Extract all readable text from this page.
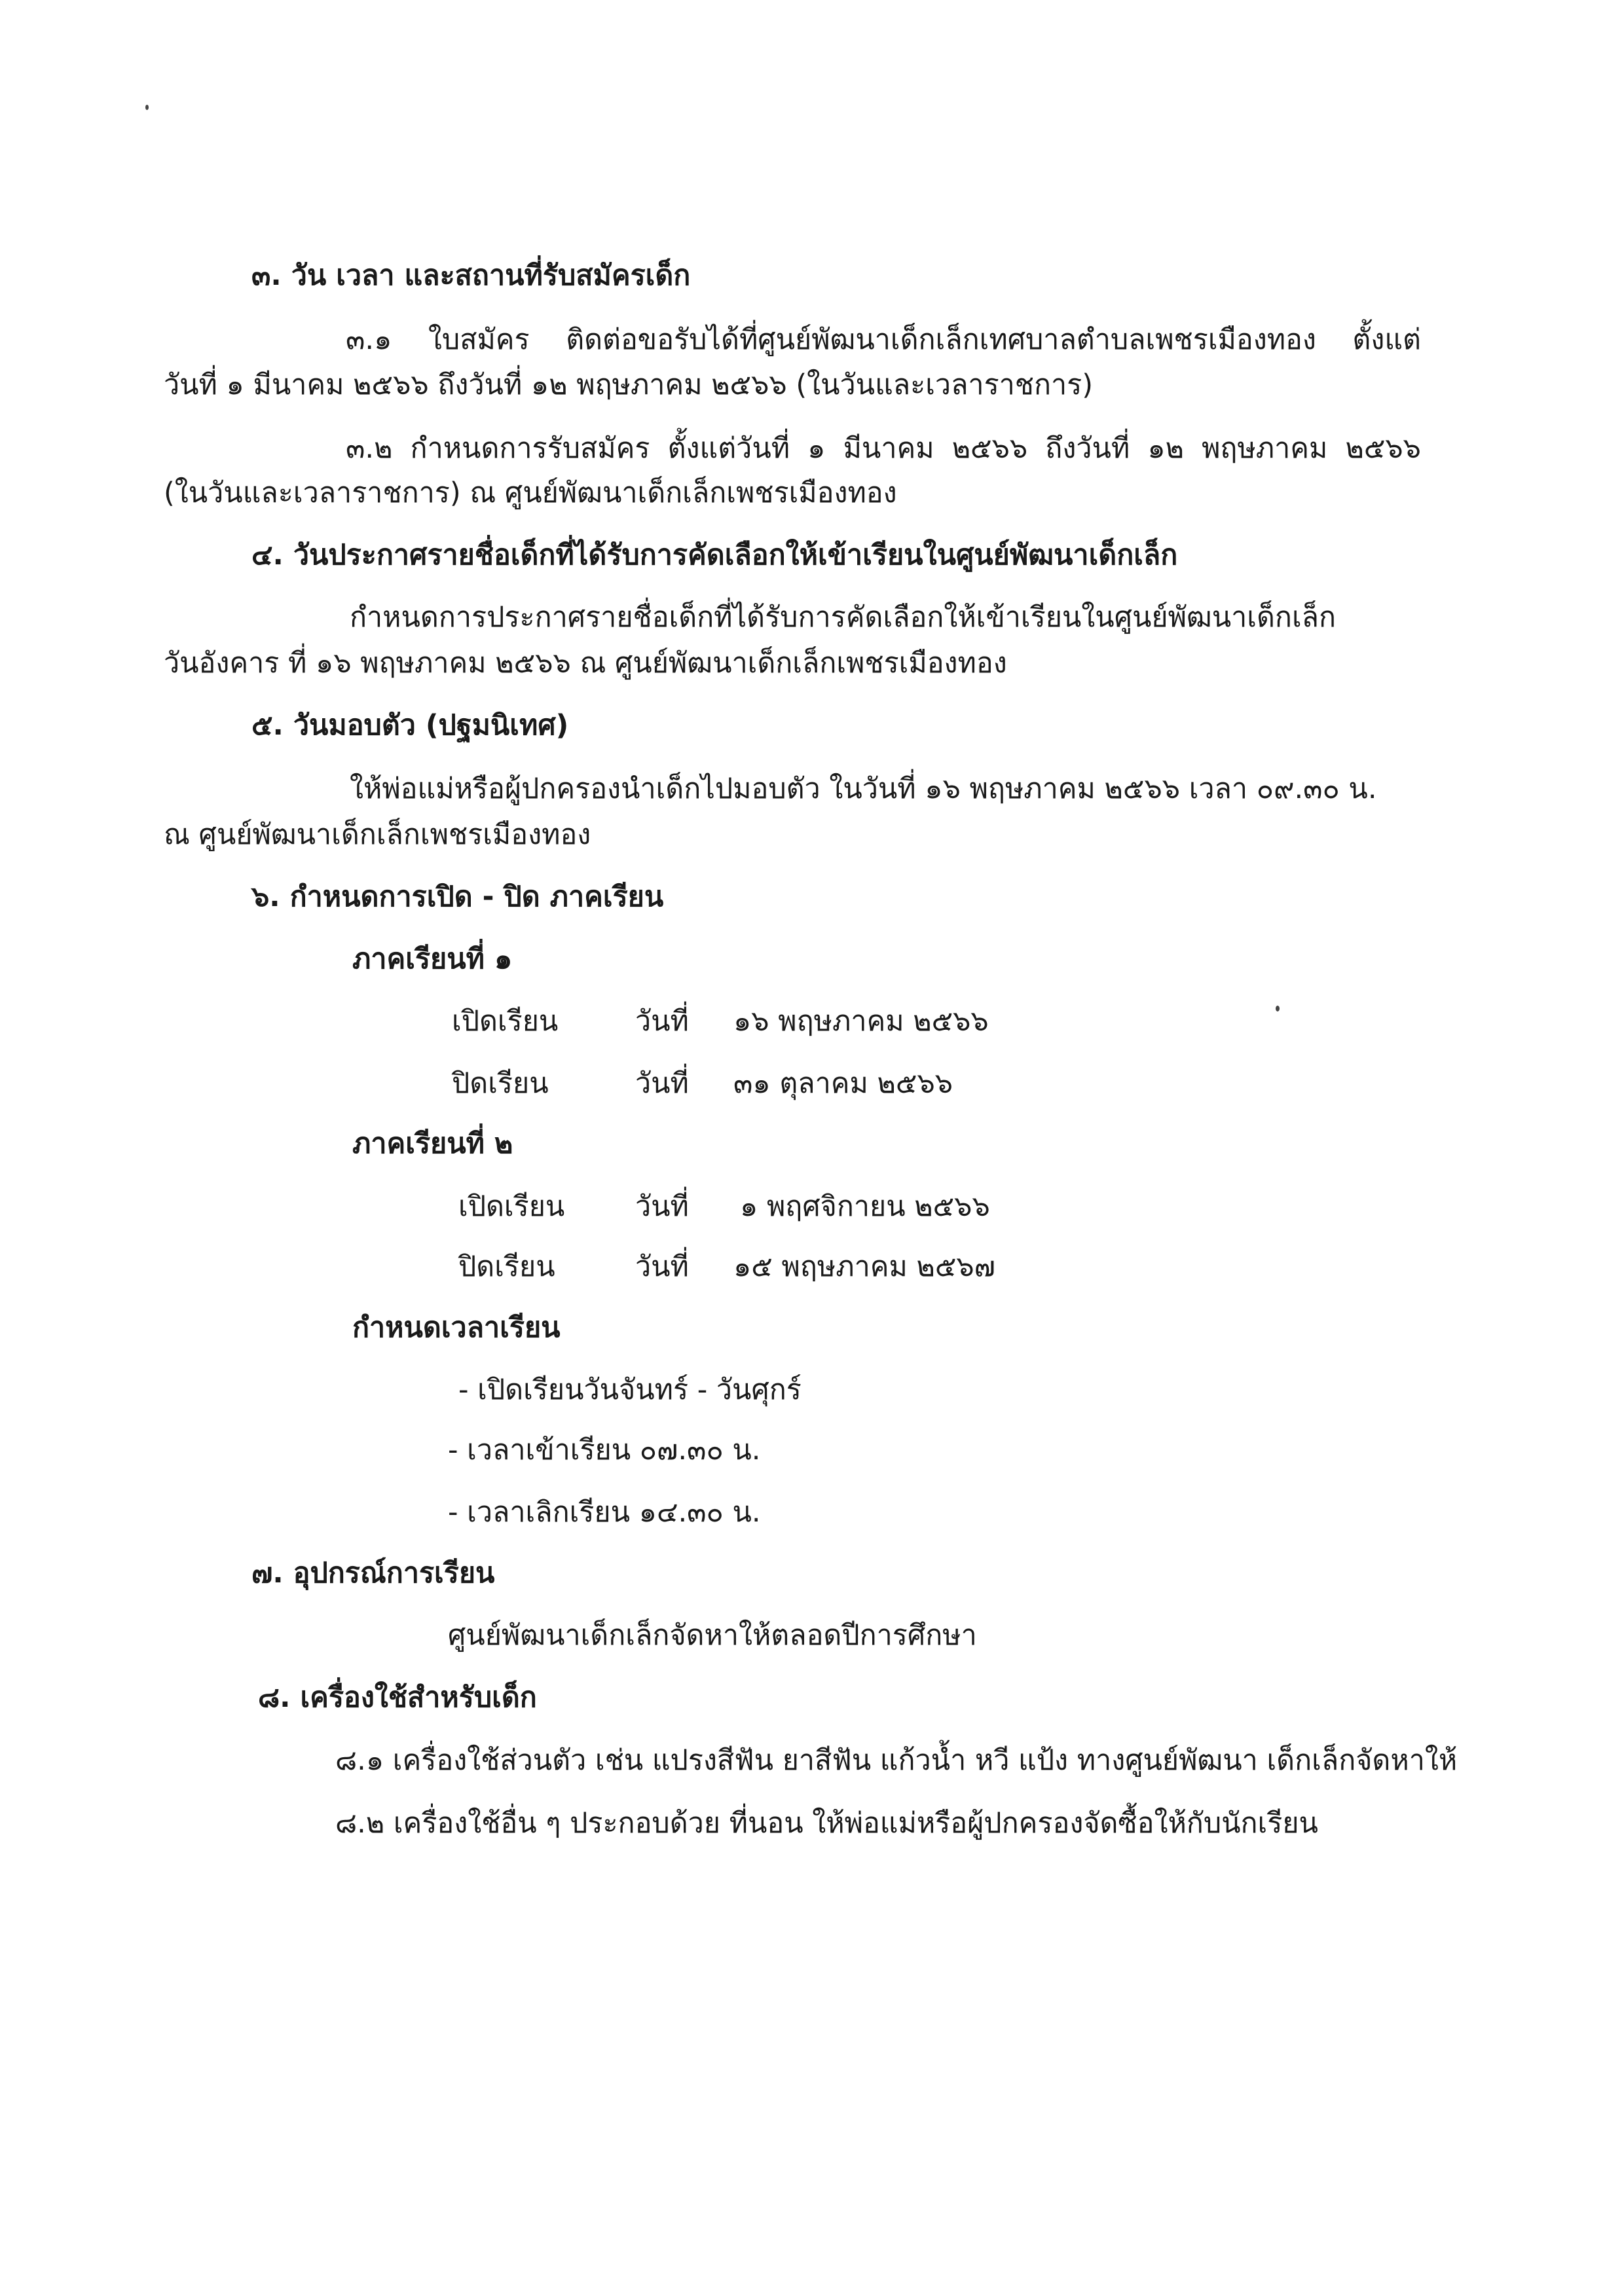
๓. วัน เวลา และสถานที่รับสมัครเด็ก
๓.๑ ใบสมัคร ติดต่อขอรับได้ที่ศูนย์พัฒนาเด็กเล็กเทศบาลตำบลเพชรเมืองทอง ตั้งแต่
วันที่ ๑ มีนาคม ๒๕๖๖ ถึงวันที่ ๑๒ พฤษภาคม ๒๕๖๖ (ในวันและเวลาราชการ)
๓.๒ กำหนดการรับสมัคร ตั้งแต่วันที่ ๑ มีนาคม ๒๕๖๖ ถึงวันที่ ๑๒ พฤษภาคม ๒๕๖๖
(ในวันและเวลาราชการ) ณ ศูนย์พัฒนาเด็กเล็กเพชรเมืองทอง
๔. วันประกาศรายชื่อเด็กที่ได้รับการคัดเลือกให้เข้าเรียนในศูนย์พัฒนาเด็กเล็ก
กำหนดการประกาศรายชื่อเด็กที่ได้รับการคัดเลือกให้เข้าเรียนในศูนย์พัฒนาเด็กเล็ก
วันอังคาร ที่ ๑๖ พฤษภาคม ๒๕๖๖ ณ ศูนย์พัฒนาเด็กเล็กเพชรเมืองทอง
๕. วันมอบตัว (ปฐมนิเทศ)
ให้พ่อแม่หรือผู้ปกครองนำเด็กไปมอบตัว ในวันที่ ๑๖ พฤษภาคม ๒๕๖๖ เวลา ๐๙.๓๐ น.
ณ ศูนย์พัฒนาเด็กเล็กเพชรเมืองทอง
๖. กำหนดการเปิด - ปิด ภาคเรียน
ภาคเรียนที่ ๑
เปิดเรียน	วันที่ ๑๖ พฤษภาคม ๒๕๖๖
ปิดเรียน	วันที่ ๓๑ ตุลาคม ๒๕๖๖
ภาคเรียนที่ ๒
เปิดเรียน	วันที่ ๑ พฤศจิกายน ๒๕๖๖
ปิดเรียน	วันที่ ๑๕ พฤษภาคม ๒๕๖๗
กำหนดเวลาเรียน
- เปิดเรียนวันจันทร์ - วันศุกร์
- เวลาเข้าเรียน ๐๗.๓๐ น.
- เวลาเลิกเรียน ๑๔.๓๐ น.
๗. อุปกรณ์การเรียน
ศูนย์พัฒนาเด็กเล็กจัดหาให้ตลอดปีการศึกษา
๘. เครื่องใช้สำหรับเด็ก
๘.๑ เครื่องใช้ส่วนตัว เช่น แปรงสีฟัน ยาสีฟัน แก้วน้ำ หวี แป้ง ทางศูนย์พัฒนา เด็กเล็กจัดหาให้
๘.๒ เครื่องใช้อื่น ๆ ประกอบด้วย ที่นอน ให้พ่อแม่หรือผู้ปกครองจัดซื้อให้กับนักเรียน
